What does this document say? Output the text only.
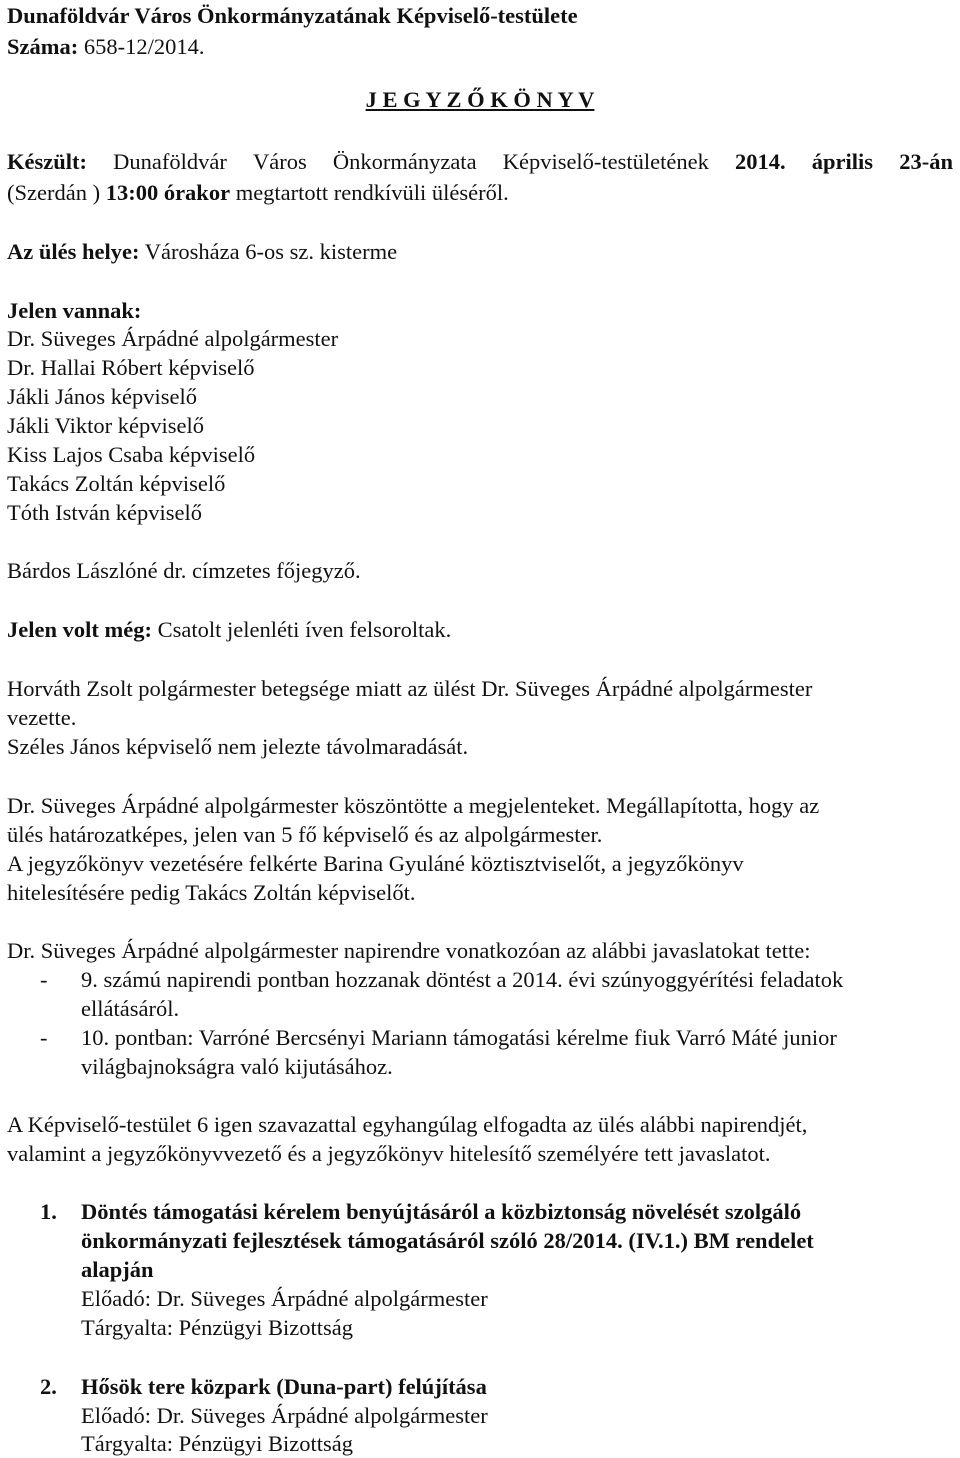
Dunaföldvár Város Önkormányzatának Képviselő-testülete
Száma: 658-12/2014.
J E G Y Z Ő K Ö N Y V
Készült: Dunaföldvár Város Önkormányzata Képviselő-testületének 2014. április 23-án
(Szerdán ) 13:00 órakor megtartott rendkívüli üléséről.
Az ülés helye: Városháza 6-os sz. kisterme
Jelen vannak:
Dr. Süveges Árpádné alpolgármester
Dr. Hallai Róbert képviselő
Jákli János képviselő
Jákli Viktor képviselő
Kiss Lajos Csaba képviselő
Takács Zoltán képviselő
Tóth István képviselő
Bárdos Lászlóné dr. címzetes főjegyző.
Jelen volt még: Csatolt jelenléti íven felsoroltak.
Horváth Zsolt polgármester betegsége miatt az ülést Dr. Süveges Árpádné alpolgármester
vezette.
Széles János képviselő nem jelezte távolmaradását.
Dr. Süveges Árpádné alpolgármester köszöntötte a megjelenteket. Megállapította, hogy az
ülés határozatképes, jelen van 5 fő képviselő és az alpolgármester.
A jegyzőkönyv vezetésére felkérte Barina Gyuláné köztisztviselőt, a jegyzőkönyv
hitelesítésére pedig Takács Zoltán képviselőt.
Dr. Süveges Árpádné alpolgármester napirendre vonatkozóan az alábbi javaslatokat tette:
- 9. számú napirendi pontban hozzanak döntést a 2014. évi szúnyoggyérítési feladatok
ellátásáról.
- 10. pontban: Varróné Bercsényi Mariann támogatási kérelme fiuk Varró Máté junior
világbajnokságra való kijutásához.
A Képviselő-testület 6 igen szavazattal egyhangúlag elfogadta az ülés alábbi napirendjét,
valamint a jegyzőkönyvvezető és a jegyzőkönyv hitelesítő személyére tett javaslatot.
1. Döntés támogatási kérelem benyújtásáról a közbiztonság növelését szolgáló
önkormányzati fejlesztések támogatásáról szóló 28/2014. (IV.1.) BM rendelet
alapján
Előadó: Dr. Süveges Árpádné alpolgármester
Tárgyalta: Pénzügyi Bizottság
2. Hősök tere közpark (Duna-part) felújítása
Előadó: Dr. Süveges Árpádné alpolgármester
Tárgyalta: Pénzügyi Bizottság
